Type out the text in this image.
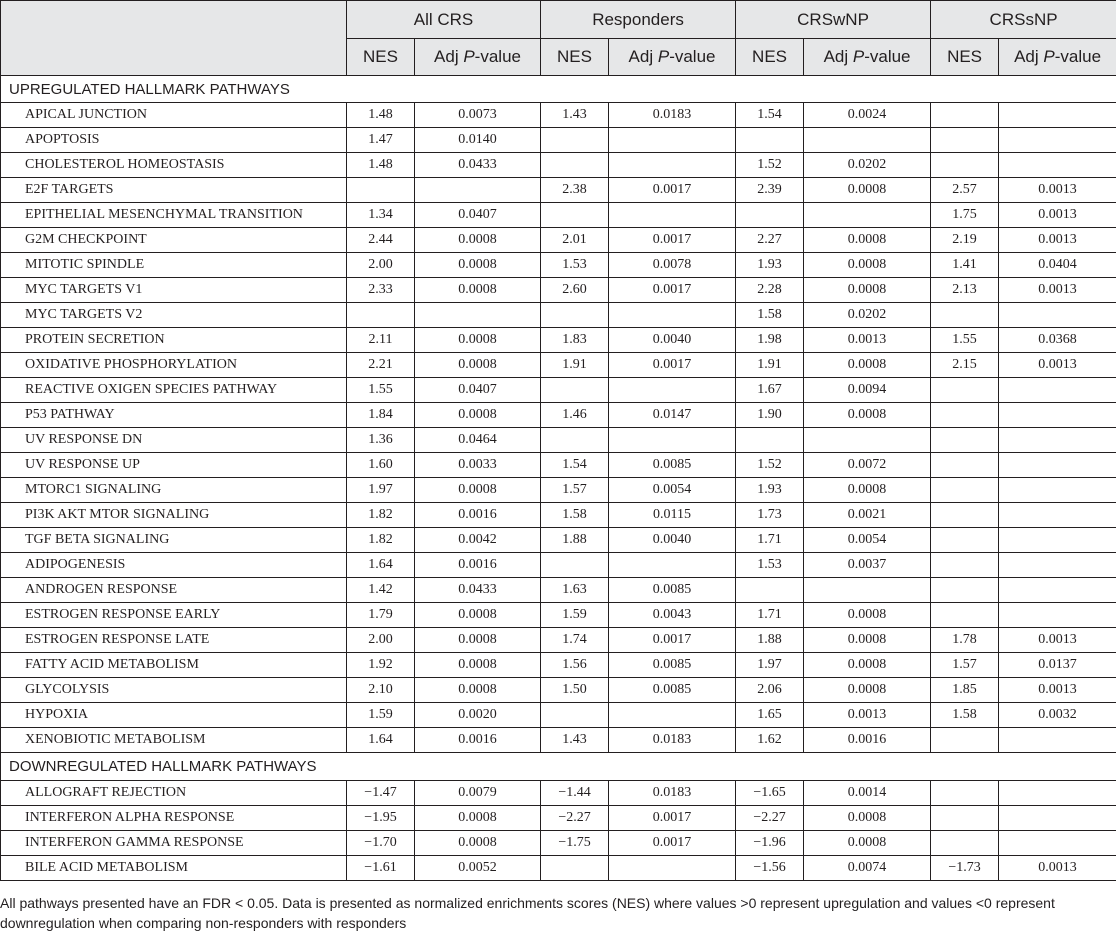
	All CRS		Responders		CRSwNP		CRSsNP	
	NES	Adj P-value	NES	Adj P-value	NES	Adj P-value	NES	Adj P-value
UPREGULATED HALLMARK PATHWAYS								
APICAL JUNCTION	1.48	0.0073	1.43	0.0183	1.54	0.0024		
APOPTOSIS	1.47	0.0140						
CHOLESTEROL HOMEOSTASIS	1.48	0.0433			1.52	0.0202		
E2F TARGETS			2.38	0.0017	2.39	0.0008	2.57	0.0013
EPITHELIAL MESENCHYMAL TRANSITION	1.34	0.0407					1.75	0.0013
G2M CHECKPOINT	2.44	0.0008	2.01	0.0017	2.27	0.0008	2.19	0.0013
MITOTIC SPINDLE	2.00	0.0008	1.53	0.0078	1.93	0.0008	1.41	0.0404
MYC TARGETS V1	2.33	0.0008	2.60	0.0017	2.28	0.0008	2.13	0.0013
MYC TARGETS V2					1.58	0.0202		
PROTEIN SECRETION	2.11	0.0008	1.83	0.0040	1.98	0.0013	1.55	0.0368
OXIDATIVE PHOSPHORYLATION	2.21	0.0008	1.91	0.0017	1.91	0.0008	2.15	0.0013
REACTIVE OXIGEN SPECIES PATHWAY	1.55	0.0407			1.67	0.0094		
P53 PATHWAY	1.84	0.0008	1.46	0.0147	1.90	0.0008		
UV RESPONSE DN	1.36	0.0464						
UV RESPONSE UP	1.60	0.0033	1.54	0.0085	1.52	0.0072		
MTORC1 SIGNALING	1.97	0.0008	1.57	0.0054	1.93	0.0008		
PI3K AKT MTOR SIGNALING	1.82	0.0016	1.58	0.0115	1.73	0.0021		
TGF BETA SIGNALING	1.82	0.0042	1.88	0.0040	1.71	0.0054		
ADIPOGENESIS	1.64	0.0016			1.53	0.0037		
ANDROGEN RESPONSE	1.42	0.0433	1.63	0.0085				
ESTROGEN RESPONSE EARLY	1.79	0.0008	1.59	0.0043	1.71	0.0008		
ESTROGEN RESPONSE LATE	2.00	0.0008	1.74	0.0017	1.88	0.0008	1.78	0.0013
FATTY ACID METABOLISM	1.92	0.0008	1.56	0.0085	1.97	0.0008	1.57	0.0137
GLYCOLYSIS	2.10	0.0008	1.50	0.0085	2.06	0.0008	1.85	0.0013
HYPOXIA	1.59	0.0020			1.65	0.0013	1.58	0.0032
XENOBIOTIC METABOLISM	1.64	0.0016	1.43	0.0183	1.62	0.0016		
DOWNREGULATED HALLMARK PATHWAYS								
ALLOGRAFT REJECTION	−1.47	0.0079	−1.44	0.0183	−1.65	0.0014		
INTERFERON ALPHA RESPONSE	−1.95	0.0008	−2.27	0.0017	−2.27	0.0008		
INTERFERON GAMMA RESPONSE	−1.70	0.0008	−1.75	0.0017	−1.96	0.0008		
BILE ACID METABOLISM	−1.61	0.0052			−1.56	0.0074	−1.73	0.0013

All pathways presented have an FDR < 0.05. Data is presented as normalized enrichments scores (NES) where values >0 represent upregulation and values <0 represent downregulation when comparing non-responders with responders
